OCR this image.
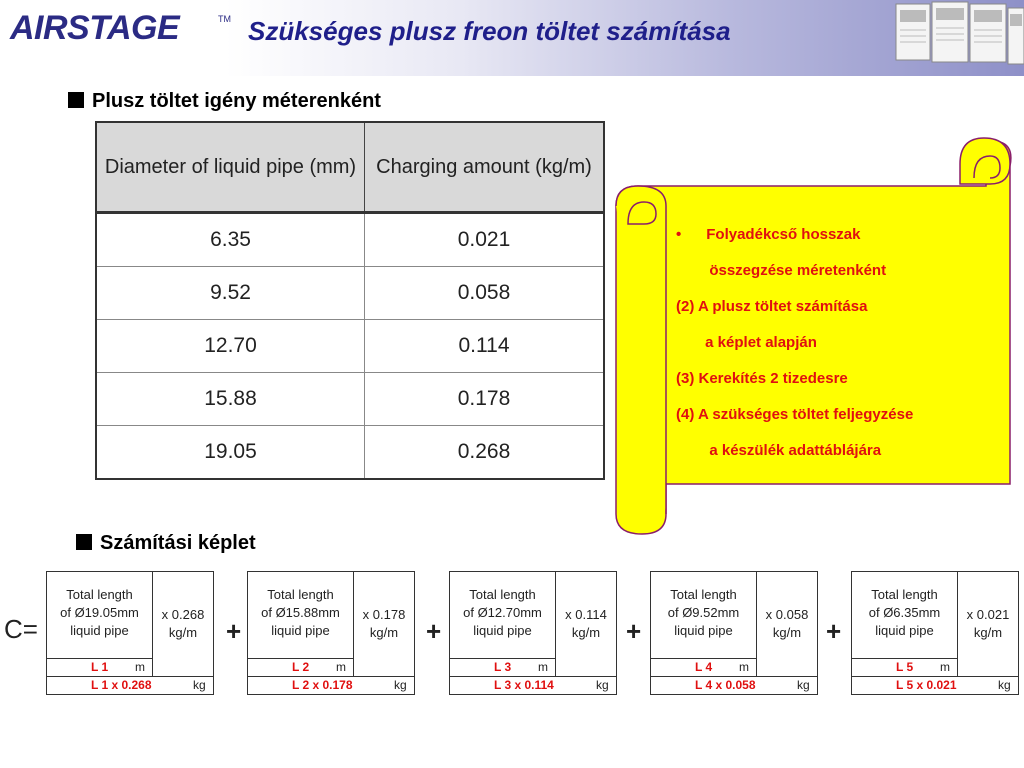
AIRSTAGE	TM Szükséges plusz freon töltet számítása
Plusz töltet igény méterenként
Diameter of liquid pipe (mm)	Charging amount (kg/m)
6.35	0.021
9.52	0.058
12.70	0.114
15.88	0.178
19.05	0.268
•      Folyadékcső hosszak
összegzése méretenként
(2) A plusz töltet számítása
a képlet alapján
(3) Kerekítés 2 tizedesre
(4) A szükséges töltet feljegyzése
a készülék adattáblájára
Számítási képlet
C=
Total length
of Ø19.05mm
liquid pipe
x 0.268
kg/m
L 1 m
L 1 x 0.268	kg
+
Total length
of Ø15.88mm
liquid pipe
x 0.178
kg/m
L 2 m
L 2 x 0.178	kg
+
Total length
of Ø12.70mm
liquid pipe
x 0.114
kg/m
L 3 m
L 3 x 0.114	kg
+
Total length
of Ø9.52mm
liquid pipe
x 0.058
kg/m
L 4 m
L 4 x 0.058	kg
+
Total length
of Ø6.35mm
liquid pipe
x 0.021
kg/m
L 5 m
L 5 x 0.021	kg
